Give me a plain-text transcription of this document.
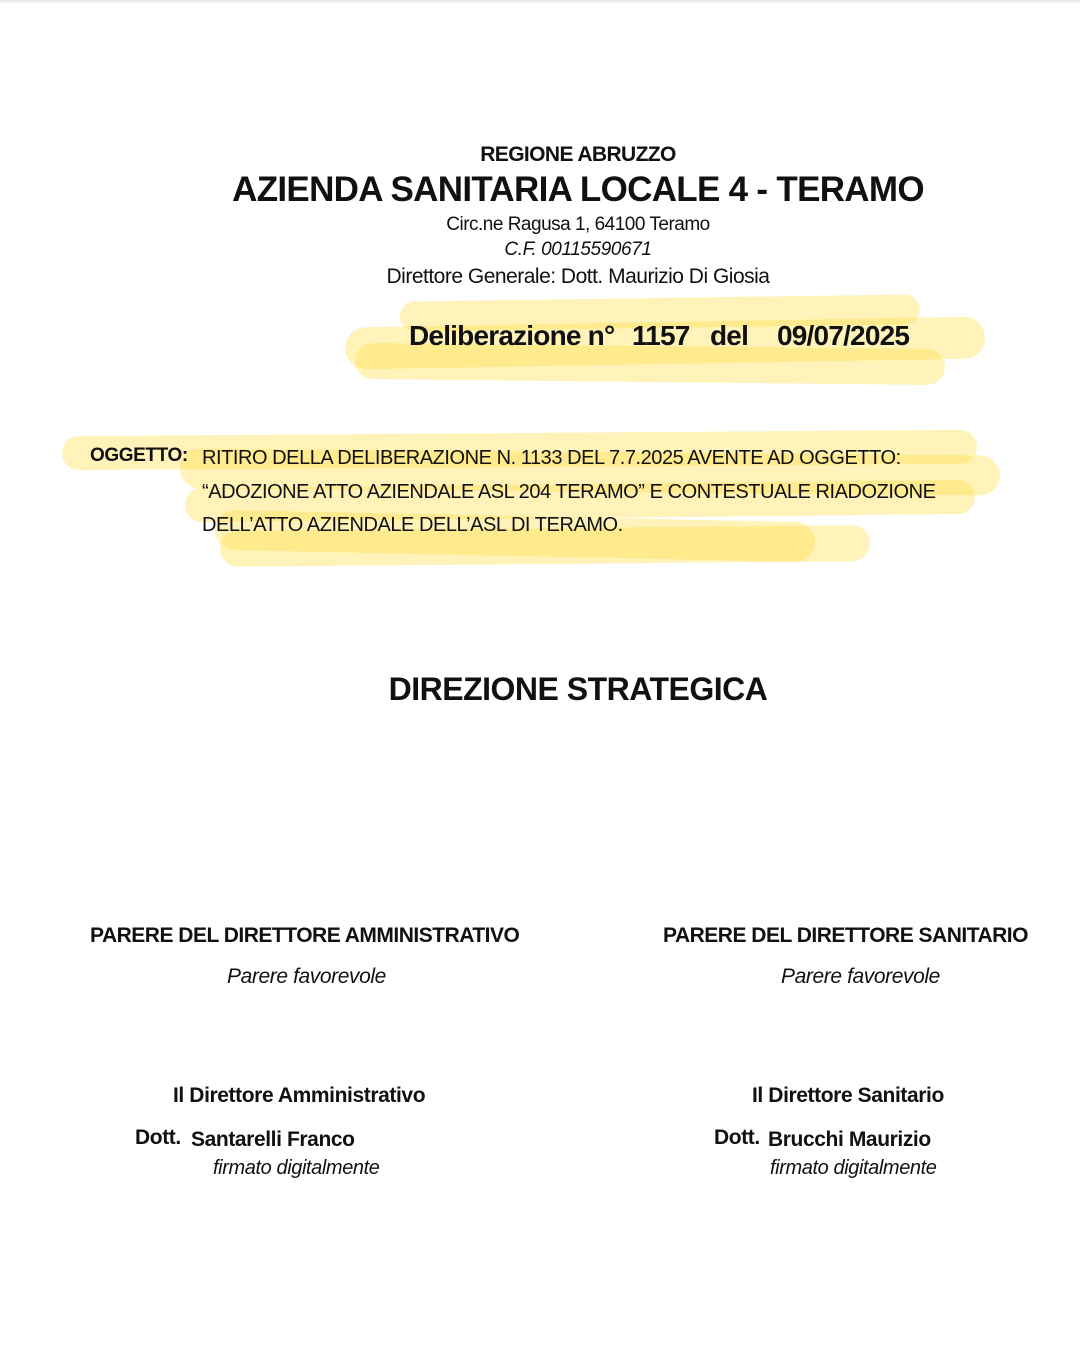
REGIONE ABRUZZO
AZIENDA SANITARIA LOCALE 4 - TERAMO
Circ.ne Ragusa 1, 64100 Teramo
C.F. 00115590671
Direttore Generale: Dott. Maurizio Di Giosia
Deliberazione n° 1157 del 09/07/2025
OGGETTO: RITIRO DELLA DELIBERAZIONE N. 1133 DEL 7.7.2025 AVENTE AD OGGETTO:
“ADOZIONE ATTO AZIENDALE ASL 204 TERAMO” E CONTESTUALE RIADOZIONE
DELL’ATTO AZIENDALE DELL’ASL DI TERAMO.
DIREZIONE STRATEGICA
PARERE DEL DIRETTORE AMMINISTRATIVO
Parere favorevole
Il Direttore Amministrativo
Dott. Santarelli Franco
firmato digitalmente
PARERE DEL DIRETTORE SANITARIO
Parere favorevole
Il Direttore Sanitario
Dott. Brucchi Maurizio
firmato digitalmente
